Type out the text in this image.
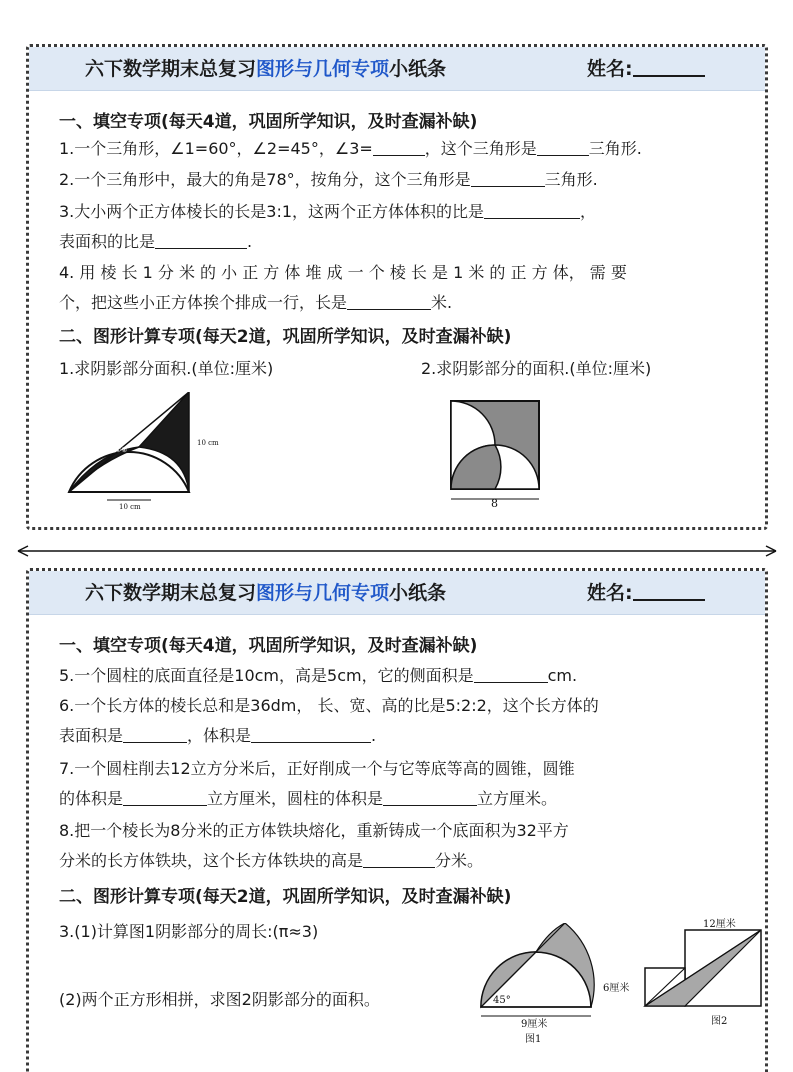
六下数学期末总复习图形与几何专项小纸条	姓名:
一、填空专项(每天4道，巩固所学知识，及时查漏补缺)
1.一个三角形，∠1=60°，∠2=45°，∠3=	，这个三角形是	三角形.
2.一个三角形中，最大的角是78°，按角分，这个三角形是	三角形.
3.大小两个正方体棱长的长是3:1，这两个正方体体积的比是	，
表面积的比是	.
4. 用 棱 长 1 分 米 的 小 正 方 体 堆 成 一 个 棱 长 是 1 米 的 正 方 体， 需 要
个，把这些小正方体挨个排成一行，长是	米.
二、图形计算专项(每天2道，巩固所学知识，及时查漏补缺)
1.求阴影部分面积.(单位:厘米)	2.求阴影部分的面积.(单位:厘米)
①②
10 cm
10 cm	8
六下数学期末总复习图形与几何专项小纸条	姓名:
一、填空专项(每天4道，巩固所学知识，及时查漏补缺)
5.一个圆柱的底面直径是10cm，高是5cm，它的侧面积是	cm.
6.一个长方体的棱长总和是36dm， 长、宽、高的比是5:2:2，这个长方体的
表面积是	，体积是	.
7.一个圆柱削去12立方分米后，正好削成一个与它等底等高的圆锥，圆锥
的体积是	立方厘米，圆柱的体积是	立方厘米。
8.把一个棱长为8分米的正方体铁块熔化，重新铸成一个底面积为32平方
分米的长方体铁块，这个长方体铁块的高是	分米。
二、图形计算专项(每天2道，巩固所学知识，及时查漏补缺)
3.(1)计算图1阴影部分的周长:(π≈3)
(2)两个正方形相拼，求图2阴影部分的面积。	45°
9厘米
图1
12厘米
6厘米
图2
